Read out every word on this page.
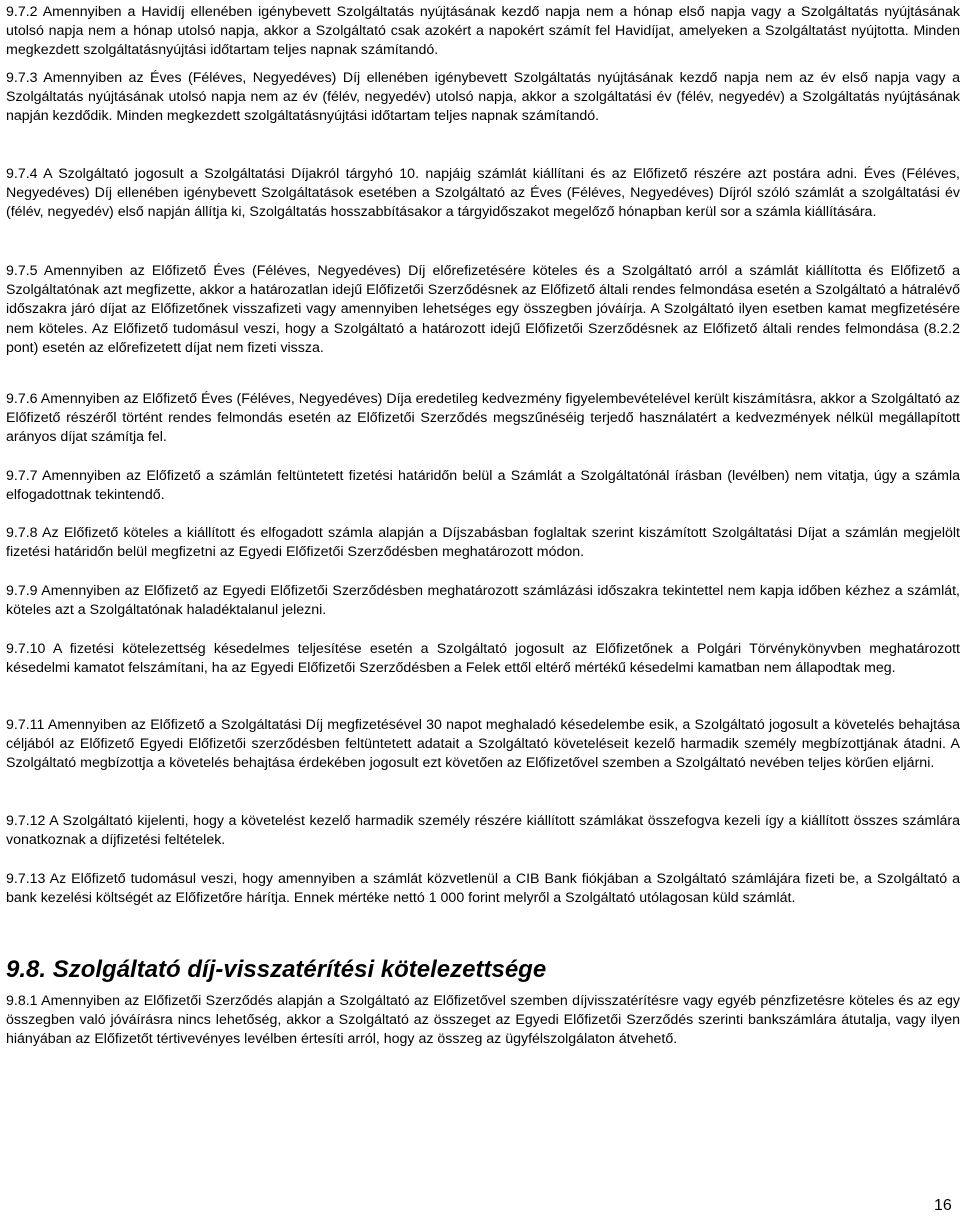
9.7.2 Amennyiben a Havidíj ellenében igénybevett Szolgáltatás nyújtásának kezdő napja nem a hónap első napja vagy a Szolgáltatás nyújtásának utolsó napja nem a hónap utolsó napja, akkor a Szolgáltató csak azokért a napokért számít fel Havidíjat, amelyeken a Szolgáltatást nyújtotta. Minden megkezdett szolgáltatásnyújtási időtartam teljes napnak számítandó.

9.7.3 Amennyiben az Éves (Féléves, Negyedéves) Díj ellenében igénybevett Szolgáltatás nyújtásának kezdő napja nem az év első napja vagy a Szolgáltatás nyújtásának utolsó napja nem az év (félév, negyedév) utolsó napja, akkor a szolgáltatási év (félév, negyedév) a Szolgáltatás nyújtásának napján kezdődik. Minden megkezdett szolgáltatásnyújtási időtartam teljes napnak számítandó.

9.7.4 A Szolgáltató jogosult a Szolgáltatási Díjakról tárgyhó 10. napjáig számlát kiállítani és az Előfizető részére azt postára adni. Éves (Féléves, Negyedéves) Díj ellenében igénybevett Szolgáltatások esetében a Szolgáltató az Éves (Féléves, Negyedéves) Díjról szóló számlát a szolgáltatási év (félév, negyedév) első napján állítja ki, Szolgáltatás hosszabbításakor a tárgyidőszakot megelőző hónapban kerül sor a számla kiállítására.

9.7.5 Amennyiben az Előfizető Éves (Féléves, Negyedéves) Díj előrefizetésére köteles és a Szolgáltató arról a számlát kiállította és Előfizető a Szolgáltatónak azt megfizette, akkor a határozatlan idejű Előfizetői Szerződésnek az Előfizető általi rendes felmondása esetén a Szolgáltató a hátralévő időszakra járó díjat az Előfizetőnek visszafizeti vagy amennyiben lehetséges egy összegben jóváírja. A Szolgáltató ilyen esetben kamat megfizetésére nem köteles. Az Előfizető tudomásul veszi, hogy a Szolgáltató a határozott idejű Előfizetői Szerződésnek az Előfizető általi rendes felmondása (8.2.2 pont) esetén az előrefizetett díjat nem fizeti vissza.

9.7.6 Amennyiben az Előfizető Éves (Féléves, Negyedéves) Díja eredetileg kedvezmény figyelembevételével került kiszámításra, akkor a Szolgáltató az Előfizető részéről történt rendes felmondás esetén az Előfizetői Szerződés megszűnéséig terjedő használatért a kedvezmények nélkül megállapított arányos díjat számítja fel.

9.7.7 Amennyiben az Előfizető a számlán feltüntetett fizetési határidőn belül a Számlát a Szolgáltatónál írásban (levélben) nem vitatja, úgy a számla elfogadottnak tekintendő.

9.7.8 Az Előfizető köteles a kiállított és elfogadott számla alapján a Díjszabásban foglaltak szerint kiszámított Szolgáltatási Díjat a számlán megjelölt fizetési határidőn belül megfizetni az Egyedi Előfizetői Szerződésben meghatározott módon.

9.7.9 Amennyiben az Előfizető az Egyedi Előfizetői Szerződésben meghatározott számlázási időszakra tekintettel nem kapja időben kézhez a számlát, köteles azt a Szolgáltatónak haladéktalanul jelezni.

9.7.10 A fizetési kötelezettség késedelmes teljesítése esetén a Szolgáltató jogosult az Előfizetőnek a Polgári Törvénykönyvben meghatározott késedelmi kamatot felszámítani, ha az Egyedi Előfizetői Szerződésben a Felek ettől eltérő mértékű késedelmi kamatban nem állapodtak meg.

9.7.11 Amennyiben az Előfizető a Szolgáltatási Díj megfizetésével 30 napot meghaladó késedelembe esik, a Szolgáltató jogosult a követelés behajtása céljából az Előfizető Egyedi Előfizetői szerződésben feltüntetett adatait a Szolgáltató követeléseit kezelő harmadik személy megbízottjának átadni. A Szolgáltató megbízottja a követelés behajtása érdekében jogosult ezt követően az Előfizetővel szemben a Szolgáltató nevében teljes körűen eljárni.

9.7.12 A Szolgáltató kijelenti, hogy a követelést kezelő harmadik személy részére kiállított számlákat összefogva kezeli így a kiállított összes számlára vonatkoznak a díjfizetési feltételek.

9.7.13 Az Előfizető tudomásul veszi, hogy amennyiben a számlát közvetlenül a CIB Bank fiókjában a Szolgáltató számlájára fizeti be, a Szolgáltató a bank kezelési költségét az Előfizetőre hárítja. Ennek mértéke nettó 1 000 forint melyről a Szolgáltató utólagosan küld számlát.

9.8. Szolgáltató díj-visszatérítési kötelezettsége

9.8.1 Amennyiben az Előfizetői Szerződés alapján a Szolgáltató az Előfizetővel szemben díjvisszatérítésre vagy egyéb pénzfizetésre köteles és az egy összegben való jóváírásra nincs lehetőség, akkor a Szolgáltató az összeget az Egyedi Előfizetői Szerződés szerinti bankszámlára átutalja, vagy ilyen hiányában az Előfizetőt tértivevényes levélben értesíti arról, hogy az összeg az ügyfélszolgálaton átvehető.

16
